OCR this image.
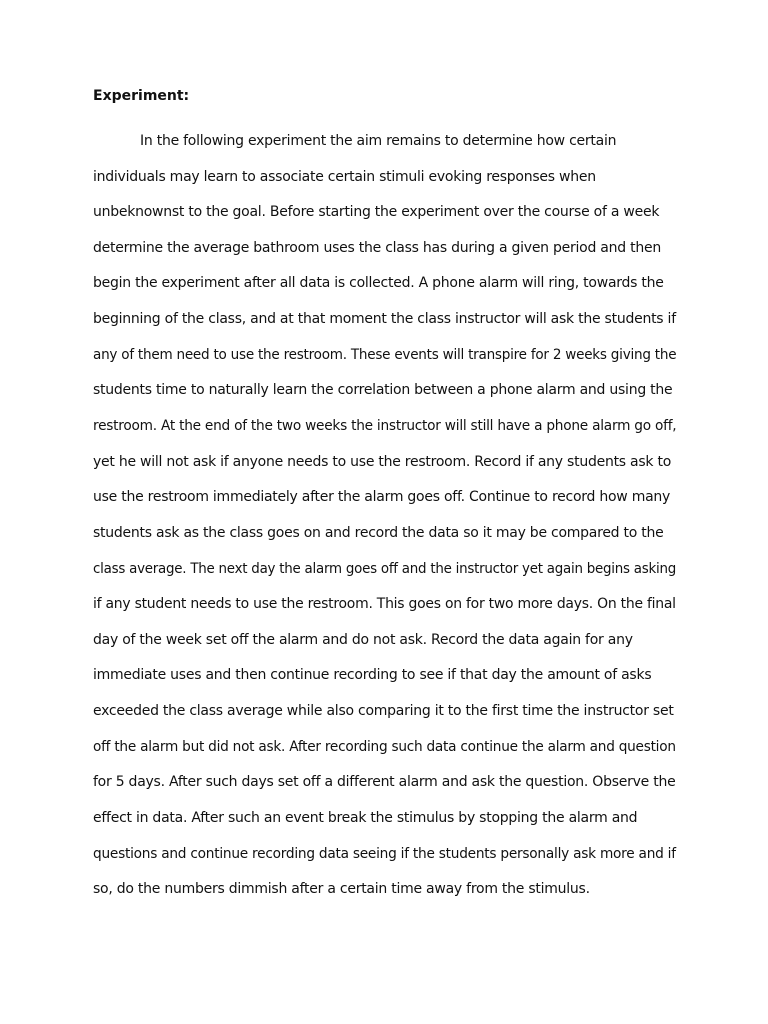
Experiment:
In the following experiment the aim remains to determine how certain
individuals may learn to associate certain stimuli evoking responses when
unbeknownst to the goal. Before starting the experiment over the course of a week
determine the average bathroom uses the class has during a given period and then
begin the experiment after all data is collected. A phone alarm will ring, towards the
beginning of the class, and at that moment the class instructor will ask the students if
any of them need to use the restroom. These events will transpire for 2 weeks giving the
students time to naturally learn the correlation between a phone alarm and using the
restroom. At the end of the two weeks the instructor will still have a phone alarm go off,
yet he will not ask if anyone needs to use the restroom. Record if any students ask to
use the restroom immediately after the alarm goes off. Continue to record how many
students ask as the class goes on and record the data so it may be compared to the
class average. The next day the alarm goes off and the instructor yet again begins asking
if any student needs to use the restroom. This goes on for two more days. On the final
day of the week set off the alarm and do not ask. Record the data again for any
immediate uses and then continue recording to see if that day the amount of asks
exceeded the class average while also comparing it to the first time the instructor set
off the alarm but did not ask. After recording such data continue the alarm and question
for 5 days. After such days set off a different alarm and ask the question. Observe the
effect in data. After such an event break the stimulus by stopping the alarm and
questions and continue recording data seeing if the students personally ask more and if
so, do the numbers dimmish after a certain time away from the stimulus.
